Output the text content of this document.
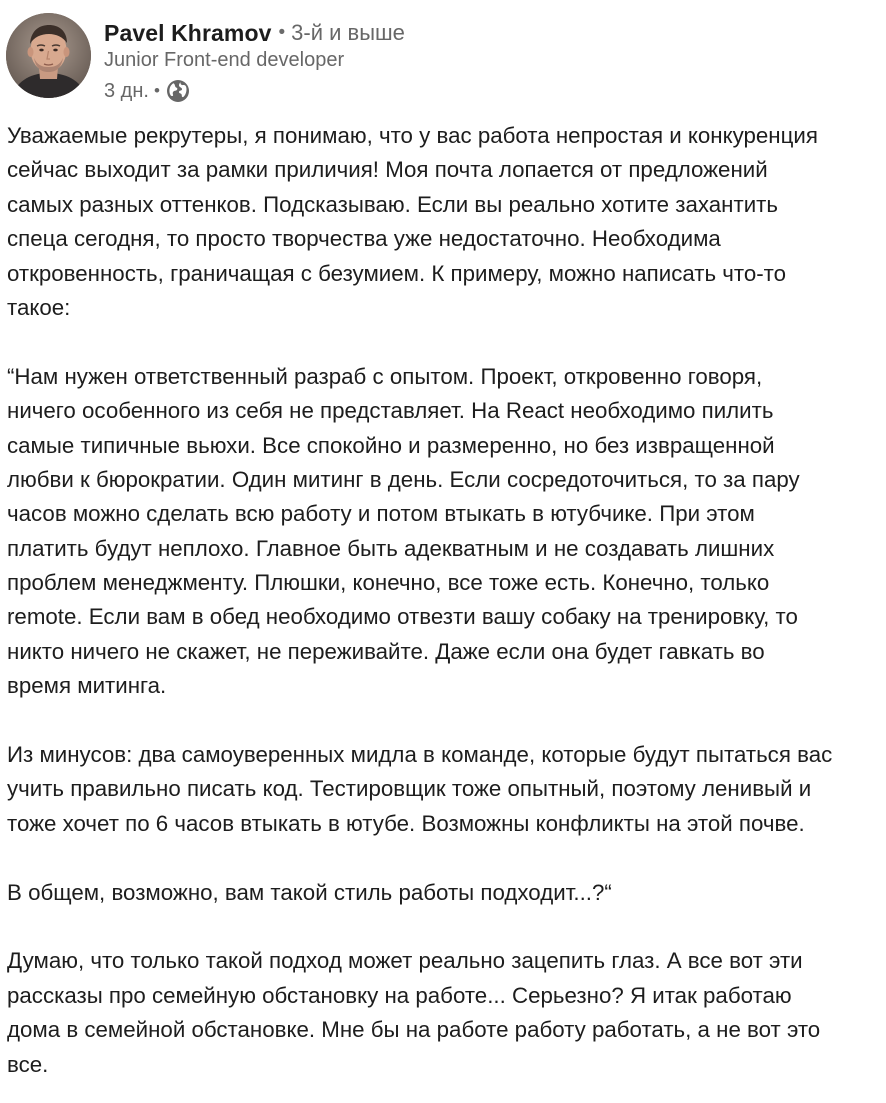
Pavel Khramov • 3-й и выше
Junior Front-end developer
3 дн. •
Уважаемые рекрутеры, я понимаю, что у вас работа непростая и конкуренция
сейчас выходит за рамки приличия! Моя почта лопается от предложений
самых разных оттенков. Подсказываю. Если вы реально хотите захантить
спеца сегодня, то просто творчества уже недостаточно. Необходима
откровенность, граничащая с безумием. К примеру, можно написать что-то
такое:
“Нам нужен ответственный разраб с опытом. Проект, откровенно говоря,
ничего особенного из себя не представляет. На React необходимо пилить
самые типичные вьюхи. Все спокойно и размеренно, но без извращенной
любви к бюрократии. Один митинг в день. Если сосредоточиться, то за пару
часов можно сделать всю работу и потом втыкать в ютубчике. При этом
платить будут неплохо. Главное быть адекватным и не создавать лишних
проблем менеджменту. Плюшки, конечно, все тоже есть. Конечно, только
remote. Если вам в обед необходимо отвезти вашу собаку на тренировку, то
никто ничего не скажет, не переживайте. Даже если она будет гавкать во
время митинга.
Из минусов: два самоуверенных мидла в команде, которые будут пытаться вас
учить правильно писать код. Тестировщик тоже опытный, поэтому ленивый и
тоже хочет по 6 часов втыкать в ютубе. Возможны конфликты на этой почве.
В общем, возможно, вам такой стиль работы подходит...?“
Думаю, что только такой подход может реально зацепить глаз. А все вот эти
рассказы про семейную обстановку на работе... Серьезно? Я итак работаю
дома в семейной обстановке. Мне бы на работе работу работать, а не вот это
все.
